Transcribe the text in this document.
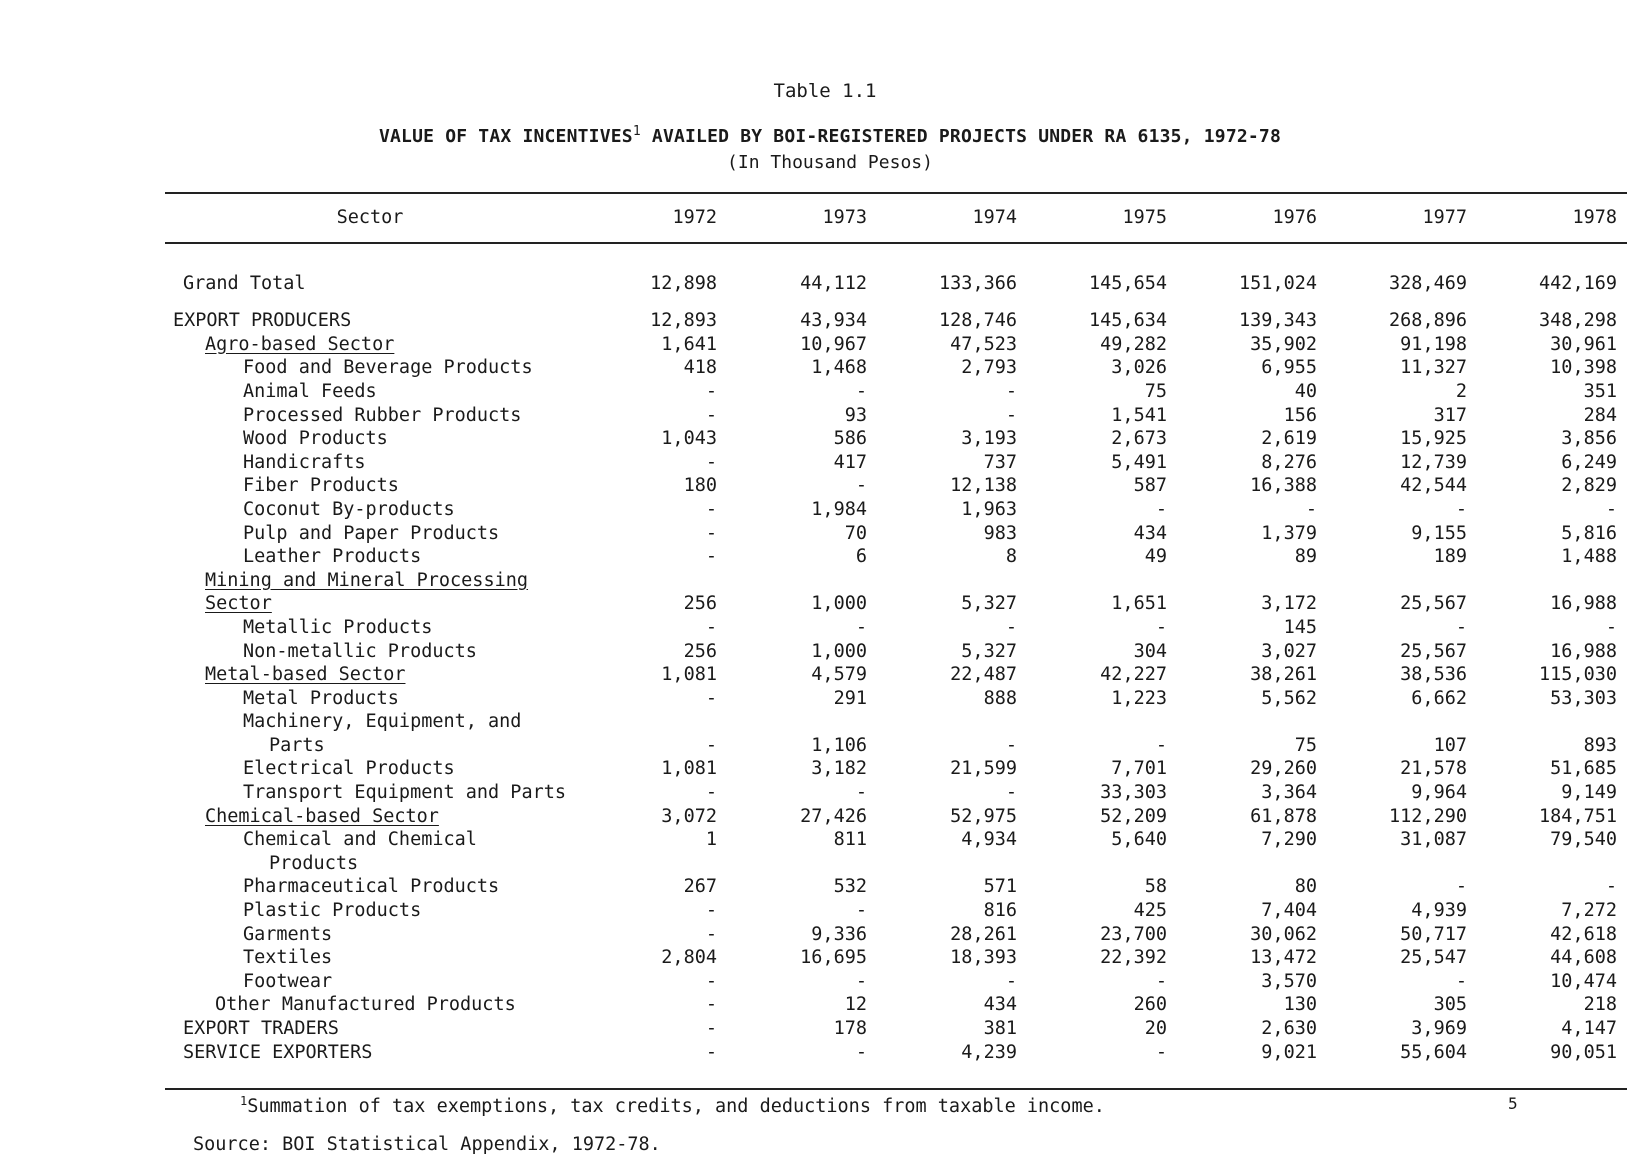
Table 1.1
VALUE OF TAX INCENTIVES$^1$ AVAILED BY BOI-REGISTERED PROJECTS UNDER RA 6135, 1972-78
(In Thousand Pesos)
Sector	1972	1973	1974	1975	1976	1977	1978
Grand Total	12,898	44,112	133,366	145,654	151,024	328,469	442,169
EXPORT PRODUCERS	12,893	43,934	128,746	145,634	139,343	268,896	348,298
Agro-based Sector	1,641	10,967	47,523	49,282	35,902	91,198	30,961
Food and Beverage Products	418	1,468	2,793	3,026	6,955	11,327	10,398
Animal Feeds	-	-	-	75	40	2	351
Processed Rubber Products	-	93	-	1,541	156	317	284
Wood Products	1,043	586	3,193	2,673	2,619	15,925	3,856
Handicrafts	-	417	737	5,491	8,276	12,739	6,249
Fiber Products	180	-	12,138	587	16,388	42,544	2,829
Coconut By-products	-	1,984	1,963	-	-	-	-
Pulp and Paper Products	-	70	983	434	1,379	9,155	5,816
Leather Products	-	6	8	49	89	189	1,488
Mining and Mineral Processing							
Sector	256	1,000	5,327	1,651	3,172	25,567	16,988
Metallic Products	-	-	-	-	145	-	-
Non-metallic Products	256	1,000	5,327	304	3,027	25,567	16,988
Metal-based Sector	1,081	4,579	22,487	42,227	38,261	38,536	115,030
Metal Products	-	291	888	1,223	5,562	6,662	53,303
Machinery, Equipment, and							
Parts	-	1,106	-	-	75	107	893
Electrical Products	1,081	3,182	21,599	7,701	29,260	21,578	51,685
Transport Equipment and Parts	-	-	-	33,303	3,364	9,964	9,149
Chemical-based Sector	3,072	27,426	52,975	52,209	61,878	112,290	184,751
Chemical and Chemical	1	811	4,934	5,640	7,290	31,087	79,540
Products							
Pharmaceutical Products	267	532	571	58	80	-	-
Plastic Products	-	-	816	425	7,404	4,939	7,272
Garments	-	9,336	28,261	23,700	30,062	50,717	42,618
Textiles	2,804	16,695	18,393	22,392	13,472	25,547	44,608
Footwear	-	-	-	-	3,570	-	10,474
Other Manufactured Products	-	12	434	260	130	305	218
EXPORT TRADERS	-	178	381	20	2,630	3,969	4,147
SERVICE EXPORTERS	-	-	4,239	-	9,021	55,604	90,051
$^1$Summation of tax exemptions, tax credits, and deductions from taxable income.
Source: BOI Statistical Appendix, 1972-78.
5
